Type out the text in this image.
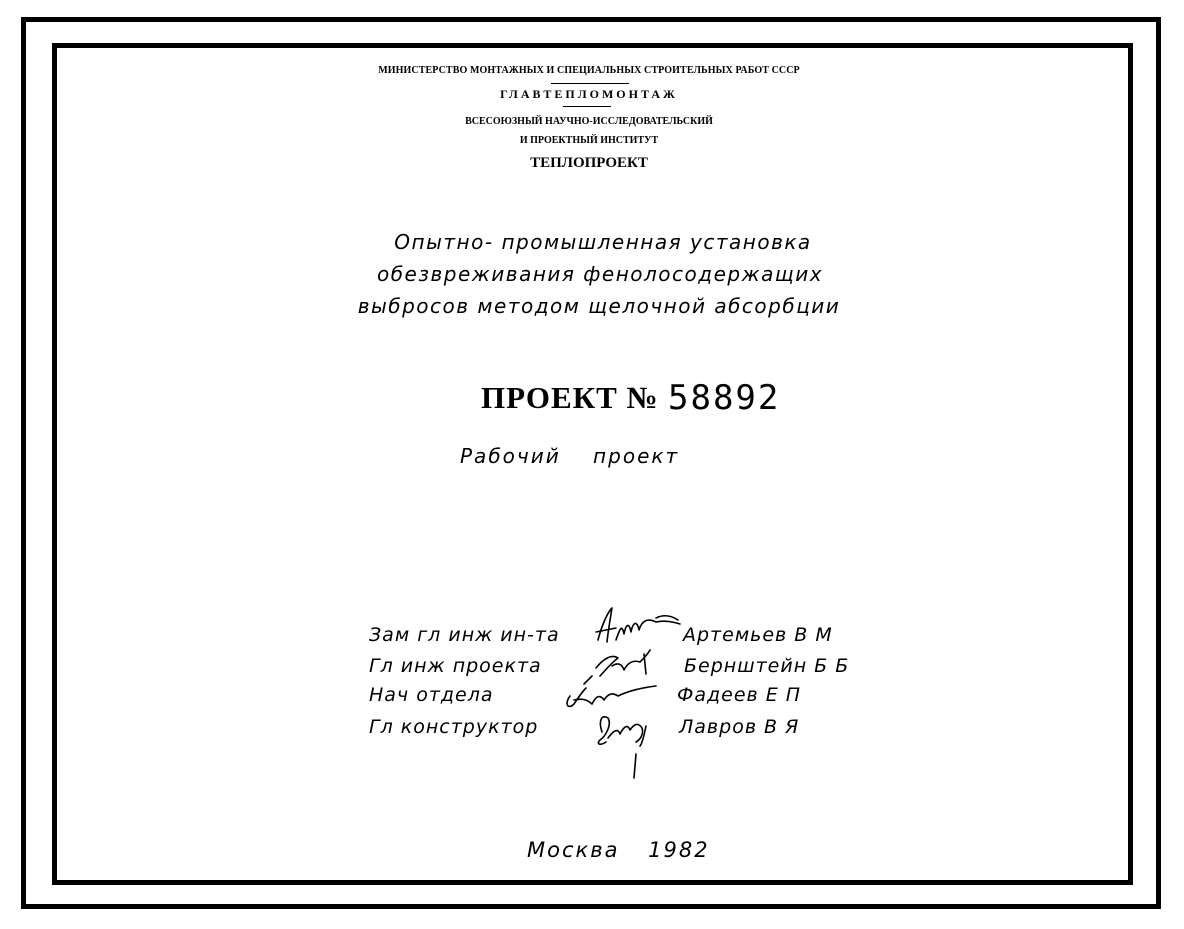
МИНИСТЕРСТВО МОНТАЖНЫХ И СПЕЦИАЛЬНЫХ СТРОИТЕЛЬНЫХ РАБОТ СССР
ГЛАВТЕПЛОМОНТАЖ
ВСЕСОЮЗНЫЙ НАУЧНО-ИССЛЕДОВАТЕЛЬСКИЙ
И ПРОЕКТНЫЙ ИНСТИТУТ
ТЕПЛОПРОЕКТ
Опытно- промышленная установка
обезвреживания фенолосодержащих
выбросов методом щелочной абсорбции
ПРОЕКТ № 58892
Рабочий проект
Зам гл инж ин-та
Гл инж проекта
Нач отдела
Гл конструктор
Артемьев В М
Бернштейн Б Б
Фадеев Е П
Лавров В Я
Москва 1982
